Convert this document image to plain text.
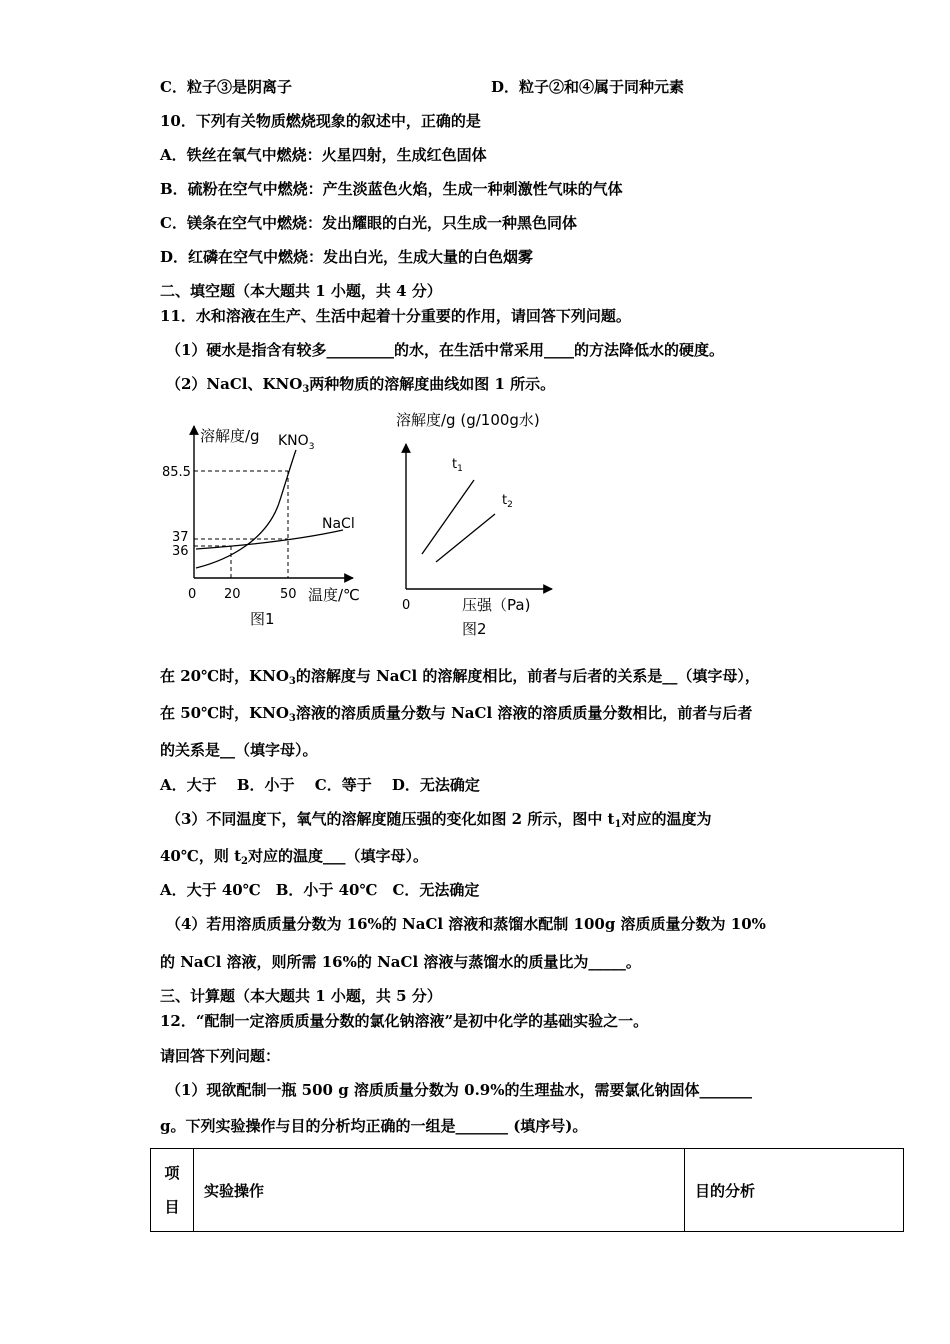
C．粒子③是阴离子	D．粒子②和④属于同种元素
10．下列有关物质燃烧现象的叙述中，正确的是
A．铁丝在氧气中燃烧：火星四射，生成红色固体
B．硫粉在空气中燃烧：产生淡蓝色火焰，生成一种刺激性气味的气体
C．镁条在空气中燃烧：发出耀眼的白光，只生成一种黑色同体
D．红磷在空气中燃烧：发出白光，生成大量的白色烟雾
二、填空题（本大题共 1 小题，共 4 分）
11．水和溶液在生产、生活中起着十分重要的作用，请回答下列问题。
（1）硬水是指含有较多_________的水，在生活中常采用____的方法降低水的硬度。
（2）NaCl、$KNO_3$两种物质的溶解度曲线如图 1 所示。
溶解度/g $KNO_3$
NaCl
85.5
37
36
0 20	50 温度/℃
图1
溶解度/g (g/100g水)
$t_1$
$t_2$
0	压强（Pa)
图2
在 20℃时，$KNO_3$的溶解度与 NaCl 的溶解度相比，前者与后者的关系是__（填字母），
在 50℃时，$KNO_3$溶液的溶质质量分数与 NaCl 溶液的溶质质量分数相比，前者与后者
的关系是__（填字母）。
A．大于　 B．小于　 C．等于　 D．无法确定
（3）不同温度下，氧气的溶解度随压强的变化如图 2 所示，图中 $t_1$对应的温度为
40℃，则 $t_2$对应的温度___（填字母）。
A．大于 40℃　B．小于 40℃　C．无法确定
（4）若用溶质质量分数为 16%的 NaCl 溶液和蒸馏水配制 100g 溶质质量分数为 10%
的 NaCl 溶液，则所需 16%的 NaCl 溶液与蒸馏水的质量比为_____。
三、计算题（本大题共 1 小题，共 5 分）
12．“配制一定溶质质量分数的氯化钠溶液”是初中化学的基础实验之一。
请回答下列问题：
（1）现欲配制一瓶 500 g 溶质质量分数为 0.9%的生理盐水，需要氯化钠固体_______
g。下列实验操作与目的分析均正确的一组是_______ (填序号)。
项
目	实验操作	目的分析
